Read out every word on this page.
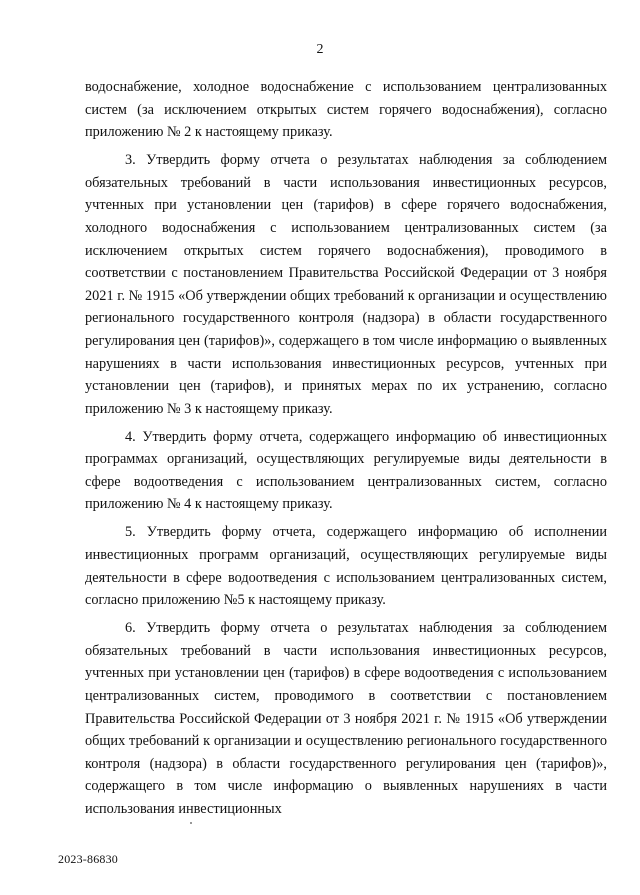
2

водоснабжение, холодное водоснабжение с использованием централизованных систем (за исключением открытых систем горячего водоснабжения), согласно приложению № 2 к настоящему приказу.

3. Утвердить форму отчета о результатах наблюдения за соблюдением обязательных требований в части использования инвестиционных ресурсов, учтенных при установлении цен (тарифов) в сфере горячего водоснабжения, холодного водоснабжения с использованием централизованных систем (за исключением открытых систем горячего водоснабжения), проводимого в соответствии с постановлением Правительства Российской Федерации от 3 ноября 2021 г. № 1915 «Об утверждении общих требований к организации и осуществлению регионального государственного контроля (надзора) в области государственного регулирования цен (тарифов)», содержащего в том числе информацию о выявленных нарушениях в части использования инвестиционных ресурсов, учтенных при установлении цен (тарифов), и принятых мерах по их устранению, согласно приложению № 3 к настоящему приказу.

4. Утвердить форму отчета, содержащего информацию об инвестиционных программах организаций, осуществляющих регулируемые виды деятельности в сфере водоотведения с использованием централизованных систем, согласно приложению № 4 к настоящему приказу.

5. Утвердить форму отчета, содержащего информацию об исполнении инвестиционных программ организаций, осуществляющих регулируемые виды деятельности в сфере водоотведения с использованием централизованных систем, согласно приложению №5 к настоящему приказу.

6. Утвердить форму отчета о результатах наблюдения за соблюдением обязательных требований в части использования инвестиционных ресурсов, учтенных при установлении цен (тарифов) в сфере водоотведения с использованием централизованных систем, проводимого в соответствии с постановлением Правительства Российской Федерации от 3 ноября 2021 г. № 1915 «Об утверждении общих требований к организации и осуществлению регионального государственного контроля (надзора) в области государственного регулирования цен (тарифов)», содержащего в том числе информацию о выявленных нарушениях в части использования инвестиционных

2023-86830
